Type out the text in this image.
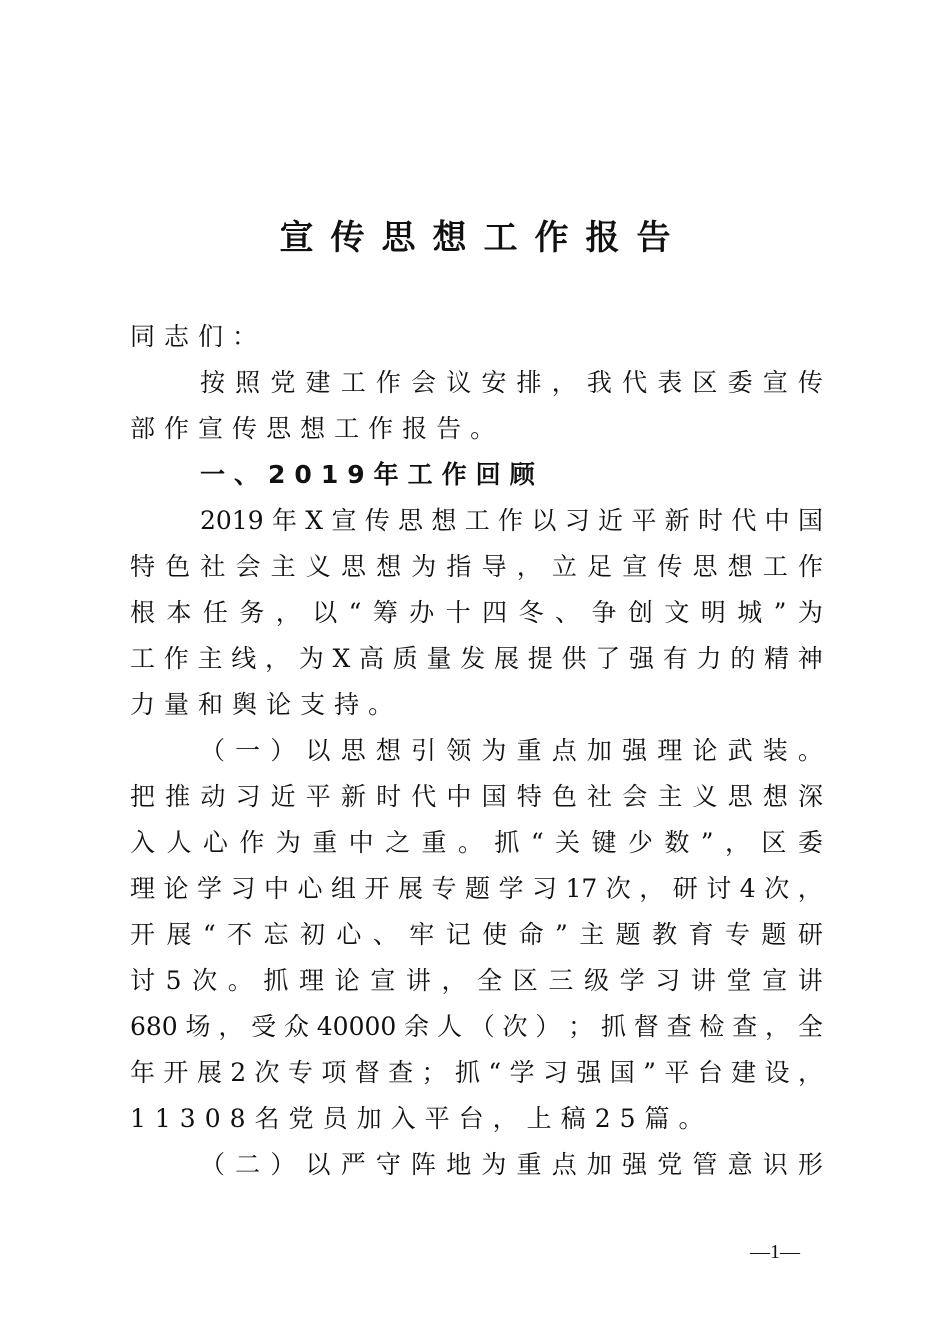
宣传思想工作报告
同志们：
按 照 党 建 工 作 会 议 安 排 ， 我 代 表 区 委 宣 传
部 作 宣 传 思 想 工 作 报 告 。
一 、 2019 年 工 作 回 顾
2019 年 X 宣 传 思 想 工 作 以 习 近 平 新 时 代 中 国
特 色 社 会 主 义 思 想 为 指 导 ， 立 足 宣 传 思 想 工 作
根 本 任 务 ， 以 “ 筹 办 十 四 冬 、 争 创 文 明 城 ” 为
工 作 主 线 ， 为 X 高 质 量 发 展 提 供 了 强 有 力 的 精 神
力 量 和 舆 论 支 持 。
（ 一 ） 以 思 想 引 领 为 重 点 加 强 理 论 武 装 。
把 推 动 习 近 平 新 时 代 中 国 特 色 社 会 主 义 思 想 深
入 人 心 作 为 重 中 之 重 。 抓 “ 关 键 少 数 ” ， 区 委
理 论 学 习 中 心 组 开 展 专 题 学 习 17 次 ， 研 讨 4 次 ，
开 展 “ 不 忘 初 心 、 牢 记 使 命 ” 主 题 教 育 专 题 研
讨 5 次 。 抓 理 论 宣 讲 ， 全 区 三 级 学 习 讲 堂 宣 讲
680 场 ， 受 众 40000 余 人 （ 次 ） ； 抓 督 查 检 查 ， 全
年 开 展 2 次 专 项 督 查 ； 抓 “ 学 习 强 国 ” 平 台 建 设 ，
11308 名 党 员 加 入 平 台 ， 上 稿 25 篇 。
（ 二 ） 以 严 守 阵 地 为 重 点 加 强 党 管 意 识 形
—1—
